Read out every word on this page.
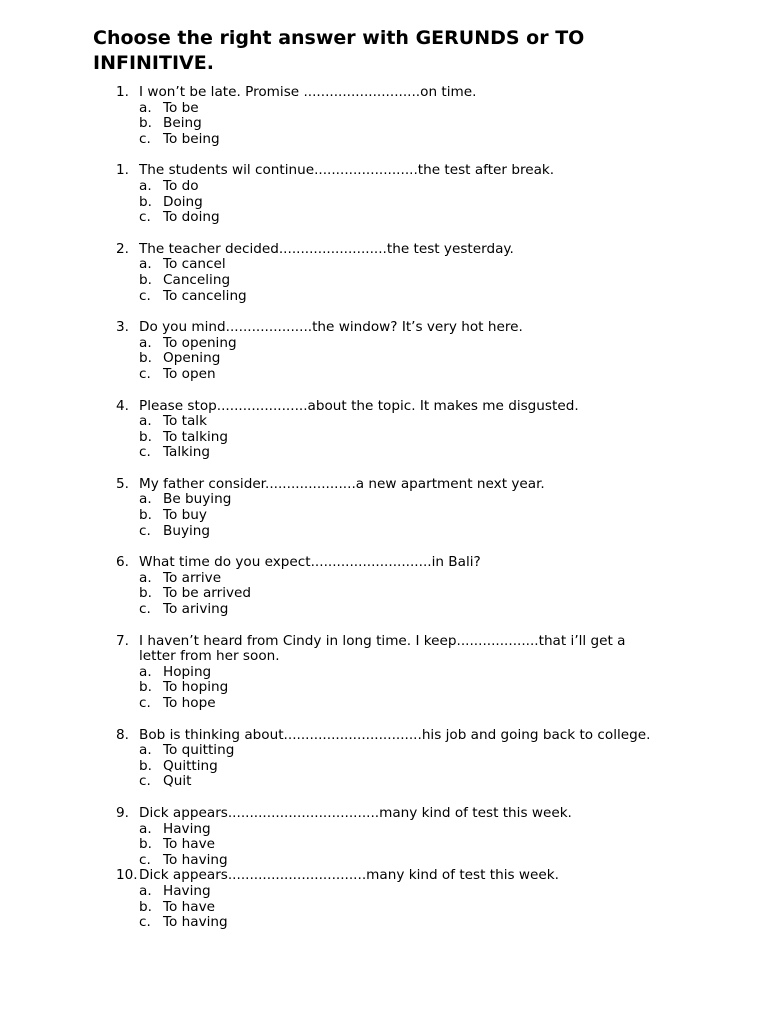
Choose the right answer with GERUNDS or TO INFINITIVE.
1. I won’t be late. Promise ...........................on time.
a. To be
b. Being
c. To being
1. The students wil continue........................the test after break.
a. To do
b. Doing
c. To doing
2. The teacher decided.........................the test yesterday.
a. To cancel
b. Canceling
c. To canceling
3. Do you mind....................the window? It’s very hot here.
a. To opening
b. Opening
c. To open
4. Please stop.....................about the topic. It makes me disgusted.
a. To talk
b. To talking
c. Talking
5. My father consider.....................a new apartment next year.
a. Be buying
b. To buy
c. Buying
6. What time do you expect............................in Bali?
a. To arrive
b. To be arrived
c. To ariving
7. I haven’t heard from Cindy in long time. I keep...................that i’ll get a letter from her soon.
a. Hoping
b. To hoping
c. To hope
8. Bob is thinking about................................his job and going back to college.
a. To quitting
b. Quitting
c. Quit
9. Dick appears...................................many kind of test this week.
a. Having
b. To have
c. To having
10. Dick appears................................many kind of test this week.
a. Having
b. To have
c. To having
